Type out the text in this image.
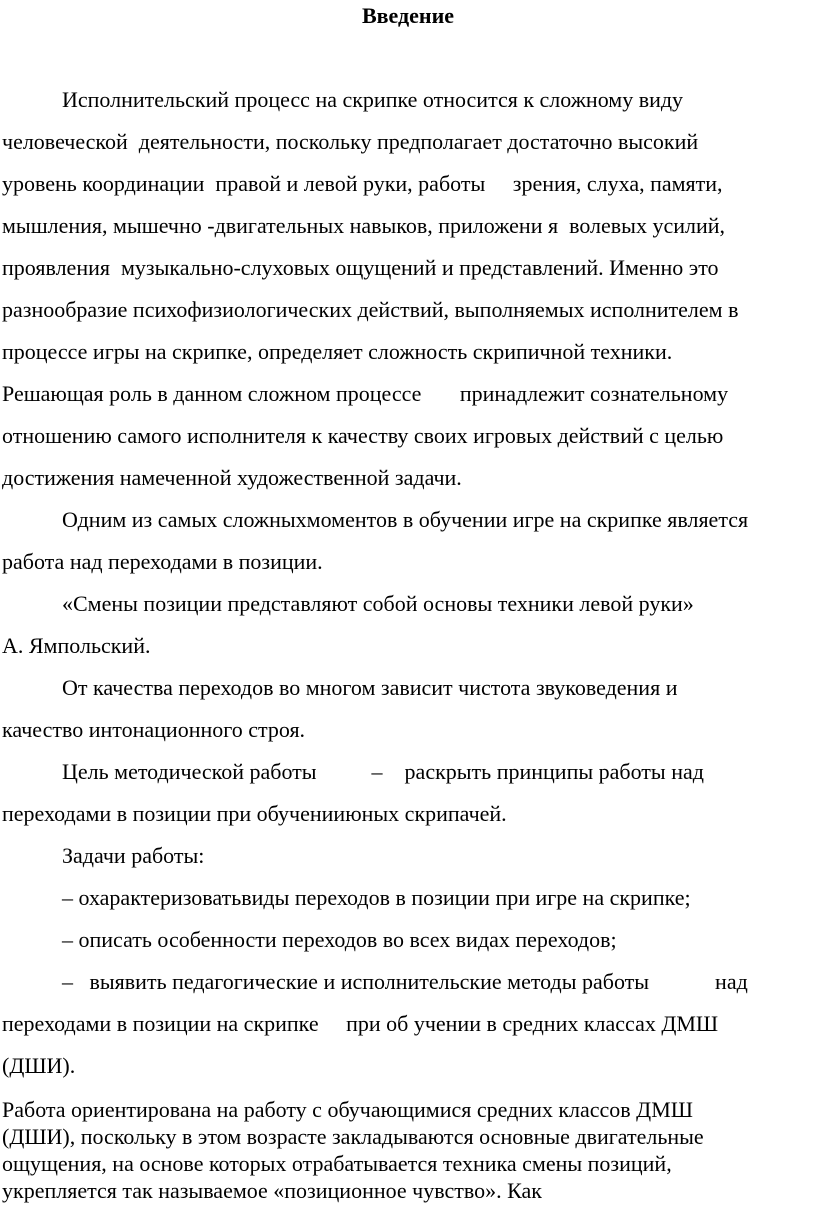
Введение
Исполнительский процесс на скрипке относится к сложному виду
человеческой  деятельности, поскольку предполагает достаточно высокий
уровень координации  правой и левой руки, работы     зрения, слуха, памяти,
мышления, мышечно -двигательных навыков, приложени я  волевых усилий,
проявления  музыкально-слуховых ощущений и представлений. Именно это
разнообразие психофизиологических действий, выполняемых исполнителем в
процессе игры на скрипке, определяет сложность скрипичной техники.
Решающая роль в данном сложном процессе       принадлежит сознательному
отношению самого исполнителя к качеству своих игровых действий с целью
достижения намеченной художественной задачи.
Одним из самых сложныхмоментов в обучении игре на скрипке является
работа над переходами в позиции.
«Смены позиции представляют собой основы техники левой руки»
А. Ямпольский.
От качества переходов во многом зависит чистота звуковедения и
качество интонационного строя.
Цель методической работы          –    раскрыть принципы работы над
переходами в позиции при обученииюных скрипачей.
Задачи работы:
– охарактеризоватьвиды переходов в позиции при игре на скрипке;
– описать особенности переходов во всех видах переходов;
–   выявить педагогические и исполнительские методы работы            над
переходами в позиции на скрипке     при об учении в средних классах ДМШ
(ДШИ).
Работа ориентирована на работу с обучающимися средних классов ДМШ
(ДШИ), поскольку в этом возрасте закладываются основные двигательные
ощущения, на основе которых отрабатывается техника смены позиций,
укрепляется так называемое «позиционное чувство». Как
